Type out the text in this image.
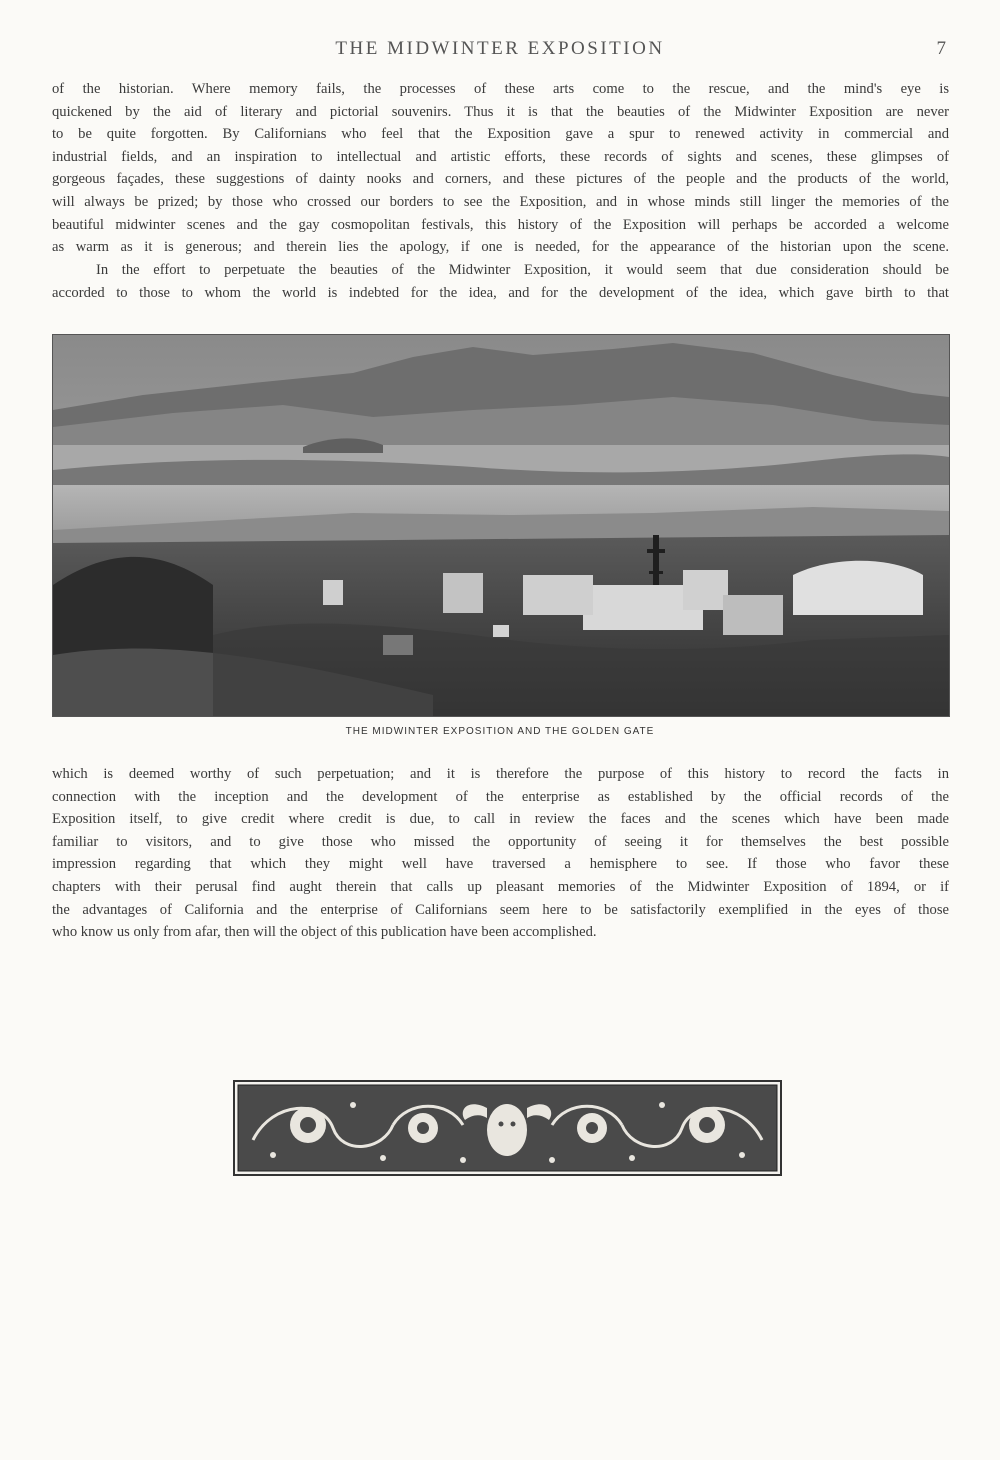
THE MIDWINTER EXPOSITION	7
of the historian. Where memory fails, the processes of these arts come to the rescue, and the mind's eye is
quickened by the aid of literary and pictorial souvenirs. Thus it is that the beauties of the Midwinter Exposition are never
to be quite forgotten. By Californians who feel that the Exposition gave a spur to renewed activity in commercial and
industrial fields, and an inspiration to intellectual and artistic efforts, these records of sights and scenes, these glimpses of
gorgeous façades, these suggestions of dainty nooks and corners, and these pictures of the people and the products of the world,
will always be prized; by those who crossed our borders to see the Exposition, and in whose minds still linger the memories of the
beautiful midwinter scenes and the gay cosmopolitan festivals, this history of the Exposition will perhaps be accorded a welcome
as warm as it is generous; and therein lies the apology, if one is needed, for the appearance of the historian upon the scene.
In the effort to perpetuate the beauties of the Midwinter Exposition, it would seem that due consideration should be
accorded to those to whom the world is indebted for the idea, and for the development of the idea, which gave birth to that
THE MIDWINTER EXPOSITION AND THE GOLDEN GATE
which is deemed worthy of such perpetuation; and it is therefore the purpose of this history to record the facts in
connection with the inception and the development of the enterprise as established by the official records of the
Exposition itself, to give credit where credit is due, to call in review the faces and the scenes which have been made
familiar to visitors, and to give those who missed the opportunity of seeing it for themselves the best possible
impression regarding that which they might well have traversed a hemisphere to see. If those who favor these
chapters with their perusal find aught therein that calls up pleasant memories of the Midwinter Exposition of 1894, or if
the advantages of California and the enterprise of Californians seem here to be satisfactorily exemplified in the eyes of those
who know us only from afar, then will the object of this publication have been accomplished.
